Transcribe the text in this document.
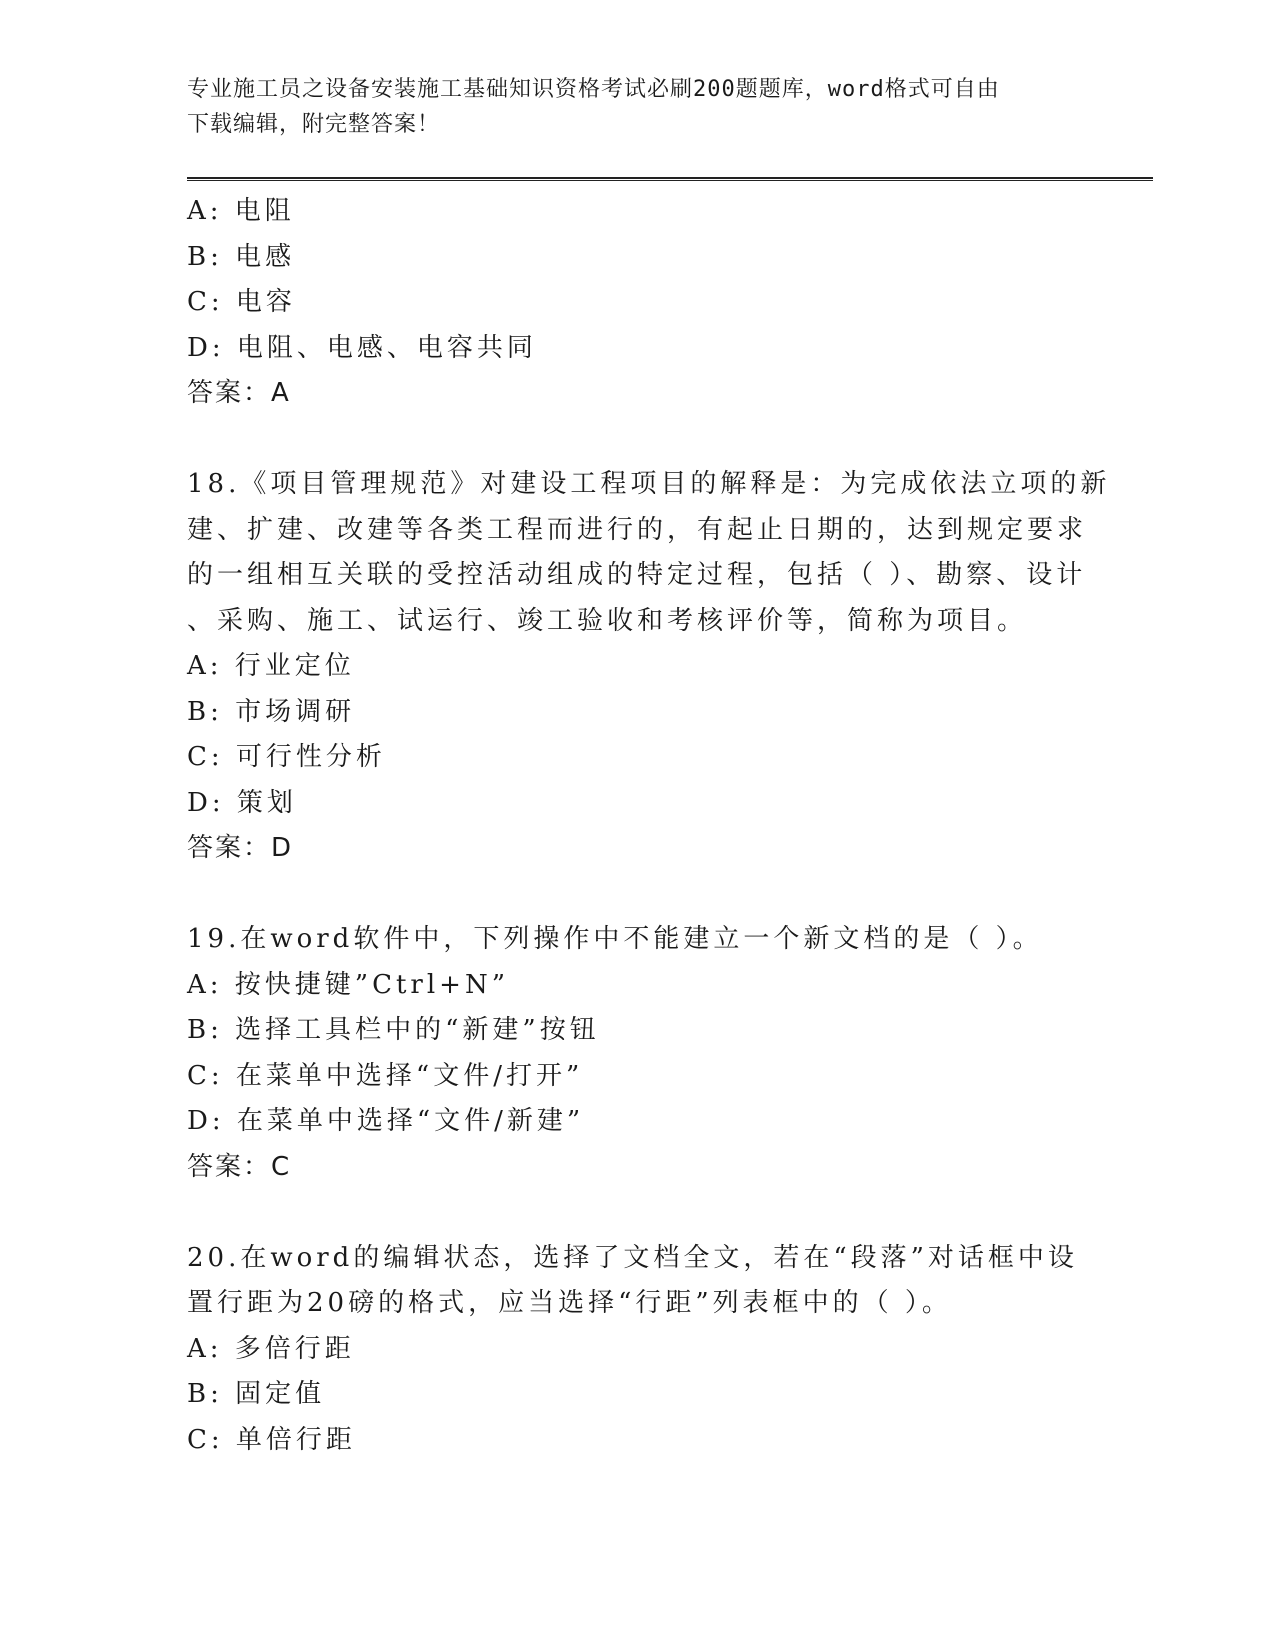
专业施工员之设备安装施工基础知识资格考试必刷200题题库，word格式可自由
下载编辑，附完整答案！
A: 电阻
B: 电感
C: 电容
D: 电阻、电感、电容共同
答案：A
18.《项目管理规范》对建设工程项目的解释是：为完成依法立项的新
建、扩建、改建等各类工程而进行的，有起止日期的，达到规定要求
的一组相互关联的受控活动组成的特定过程，包括（ ）、勘察、设计
、采购、施工、试运行、竣工验收和考核评价等，简称为项目。
A: 行业定位
B: 市场调研
C: 可行性分析
D: 策划
答案：D
19.在word软件中，下列操作中不能建立一个新文档的是（ ）。
A: 按快捷键”Ctrl+N”
B: 选择工具栏中的“新建”按钮
C: 在菜单中选择“文件/打开”
D: 在菜单中选择“文件/新建”
答案：C
20.在word的编辑状态，选择了文档全文，若在“段落”对话框中设
置行距为20磅的格式，应当选择“行距”列表框中的（ ）。
A: 多倍行距
B: 固定值
C: 单倍行距
